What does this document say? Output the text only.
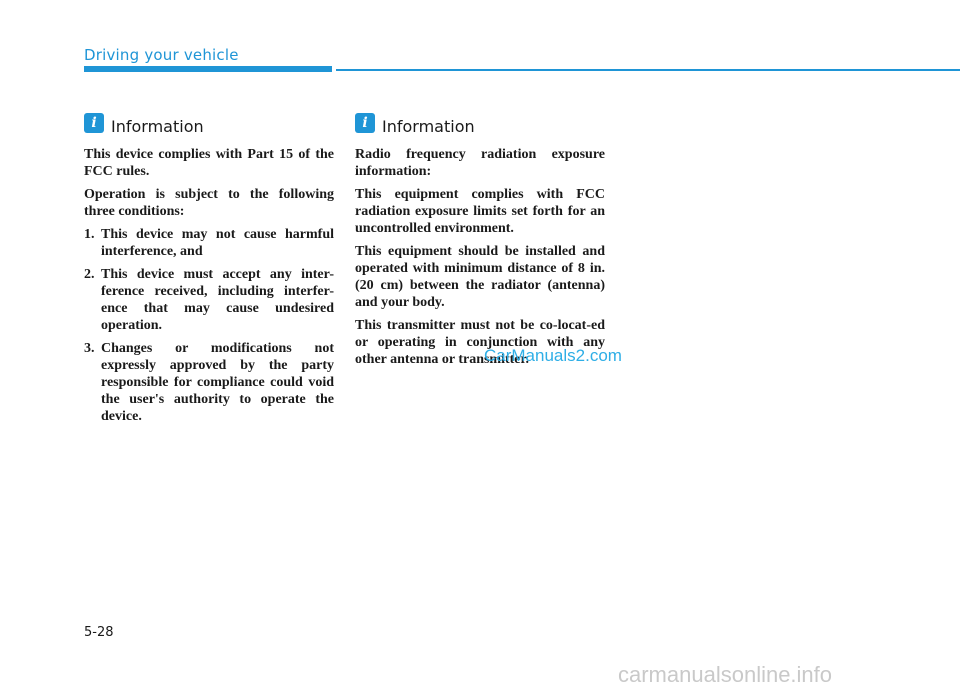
Driving your vehicle
i Information

This device complies with Part 15 of the FCC rules.

Operation is subject to the following three conditions:

1. This device may not cause harmful interference, and
2. This device must accept any inter-ference received, including interfer-ence that may cause undesired operation.
3. Changes or modifications not expressly approved by the party responsible for compliance could void the user's authority to operate the device.
i Information

Radio frequency radiation exposure information:

This equipment complies with FCC radiation exposure limits set forth for an uncontrolled environment.

This equipment should be installed and operated with minimum distance of 8 in. (20 cm) between the radiator (antenna) and your body.

This transmitter must not be co-locat-ed or operating in conjunction with any other antenna or transmitter.

CarManuals2.com
5-28
carmanualsonline.info
